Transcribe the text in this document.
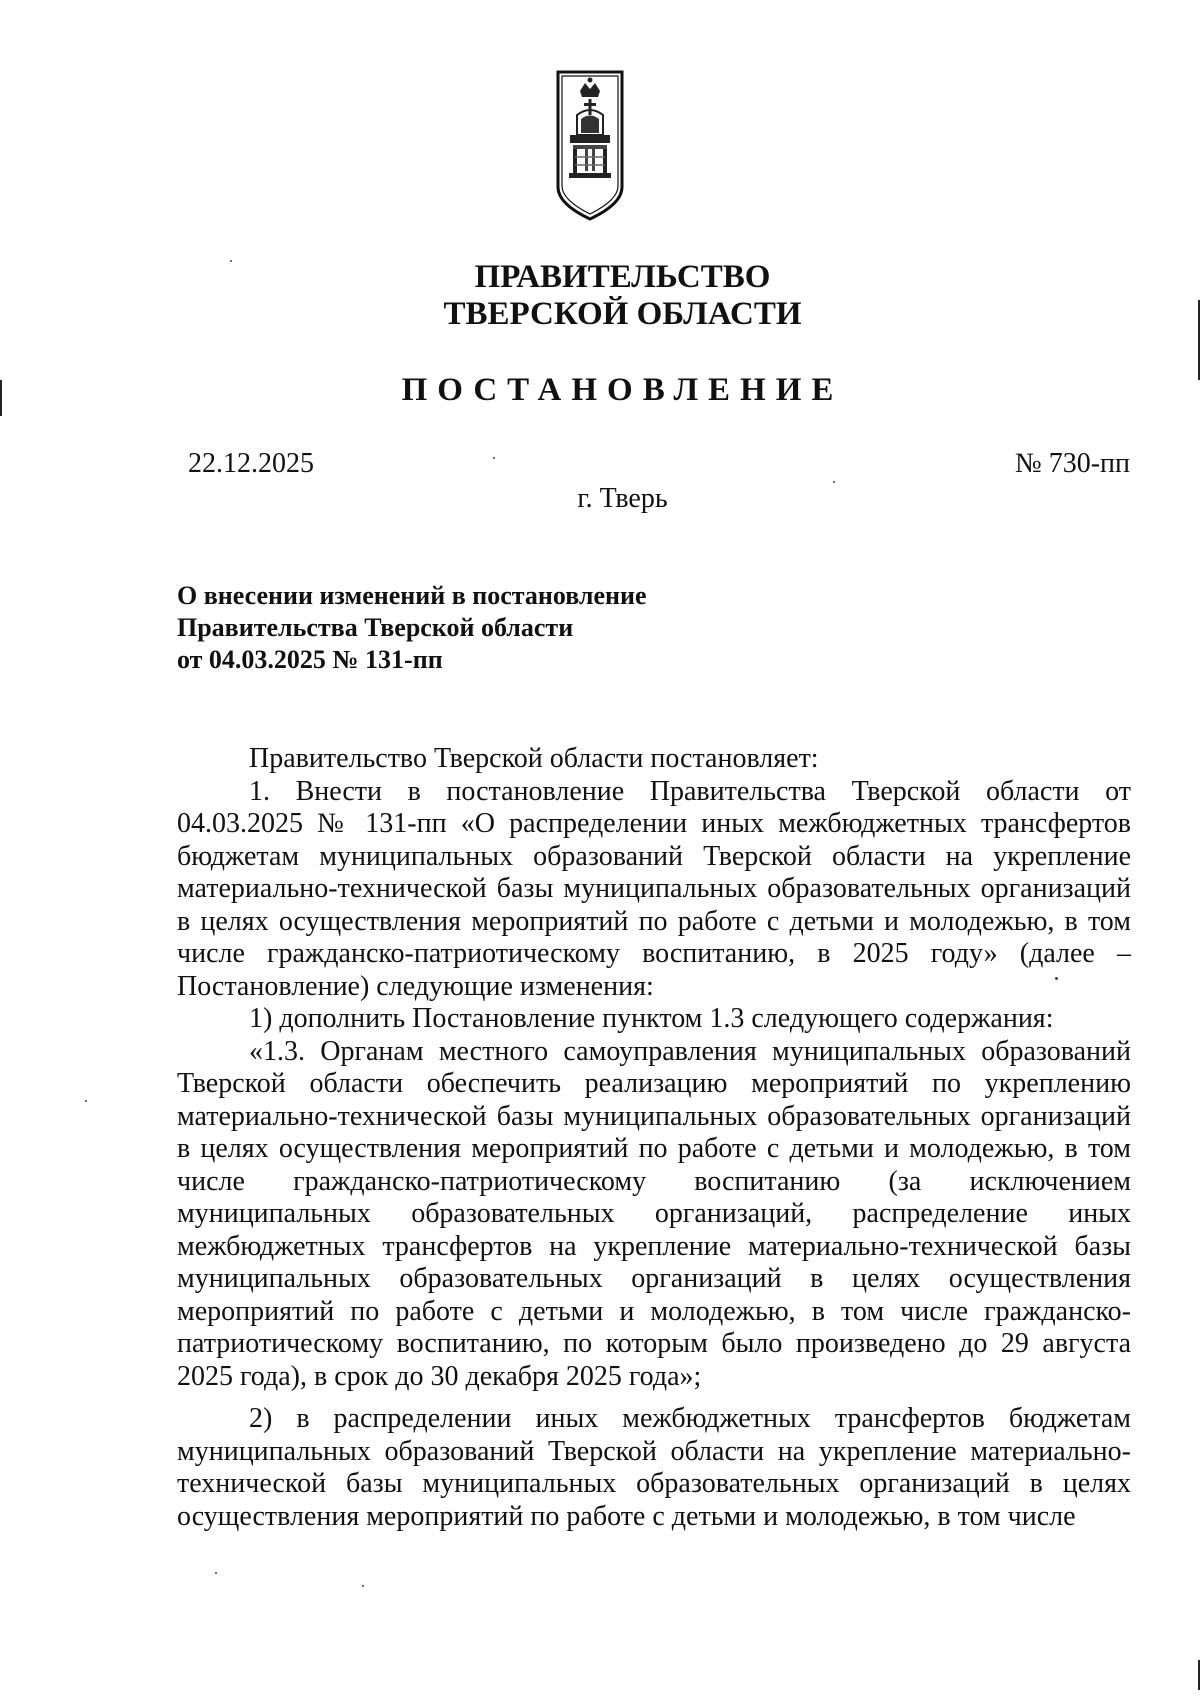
ПРАВИТЕЛЬСТВО
ТВЕРСКОЙ ОБЛАСТИ
ПОСТАНОВЛЕНИЕ
22.12.2025	№ 730-пп
г. Тверь
О внесении изменений в постановление
Правительства Тверской области
от 04.03.2025 № 131-пп

Правительство Тверской области постановляет:

1. Внести в постановление Правительства Тверской области от 04.03.2025 № 131-пп «О распределении иных межбюджетных трансфертов бюджетам муниципальных образований Тверской области на укрепление материально-технической базы муниципальных образовательных организаций в целях осуществления мероприятий по работе с детьми и молодежью, в том числе гражданско-патриотическому воспитанию, в 2025 году» (далее – Постановление) следующие изменения:

1) дополнить Постановление пунктом 1.3 следующего содержания:

«1.3. Органам местного самоуправления муниципальных образований Тверской области обеспечить реализацию мероприятий по укреплению материально-технической базы муниципальных образовательных организаций в целях осуществления мероприятий по работе с детьми и молодежью, в том числе гражданско-патриотическому воспитанию (за исключением муниципальных образовательных организаций, распределение иных межбюджетных трансфертов на укрепление материально-технической базы муниципальных образовательных организаций в целях осуществления мероприятий по работе с детьми и молодежью, в том числе гражданско-патриотическому воспитанию, по которым было произведено до 29 августа 2025 года), в срок до 30 декабря 2025 года»;

2) в распределении иных межбюджетных трансфертов бюджетам муниципальных образований Тверской области на укрепление материально-технической базы муниципальных образовательных организаций в целях осуществления мероприятий по работе с детьми и молодежью, в том числе
